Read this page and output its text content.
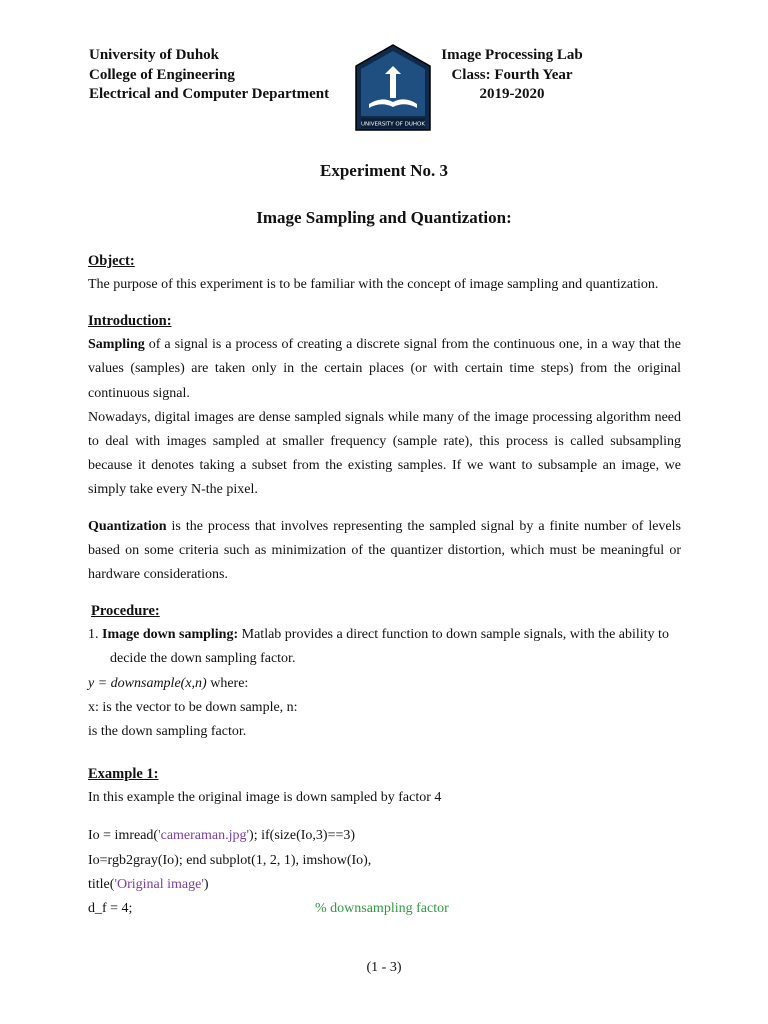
University of Duhok
College of Engineering
Electrical and Computer Department
UNIVERSITY OF DUHOK
Image Processing Lab
Class: Fourth Year
2019-2020
Experiment No. 3
Image Sampling and Quantization:
Object:

The purpose of this experiment is to be familiar with the concept of image sampling and quantization.

Introduction:

Sampling of a signal is a process of creating a discrete signal from the continuous one, in a way that the values (samples) are taken only in the certain places (or with certain time steps) from the original continuous signal.

Nowadays, digital images are dense sampled signals while many of the image processing algorithm need to deal with images sampled at smaller frequency (sample rate), this process is called subsampling because it denotes taking a subset from the existing samples. If we want to subsample an image, we simply take every N-the pixel.

Quantization is the process that involves representing the sampled signal by a finite number of levels based on some criteria such as minimization of the quantizer distortion, which must be meaningful or hardware considerations.

Procedure:
1. Image down sampling: Matlab provides a direct function to down sample signals, with the ability to
decide the down sampling factor.
y = downsample(x,n) where:
x: is the vector to be down sample, n:
is the down sampling factor.
Example 1:
In this example the original image is down sampled by factor 4
Io = imread('cameraman.jpg'); if(size(Io,3)==3)
Io=rgb2gray(Io); end subplot(1, 2, 1), imshow(Io),
title('Original image')
d_f = 4;	% downsampling factor
(1 - 3)
